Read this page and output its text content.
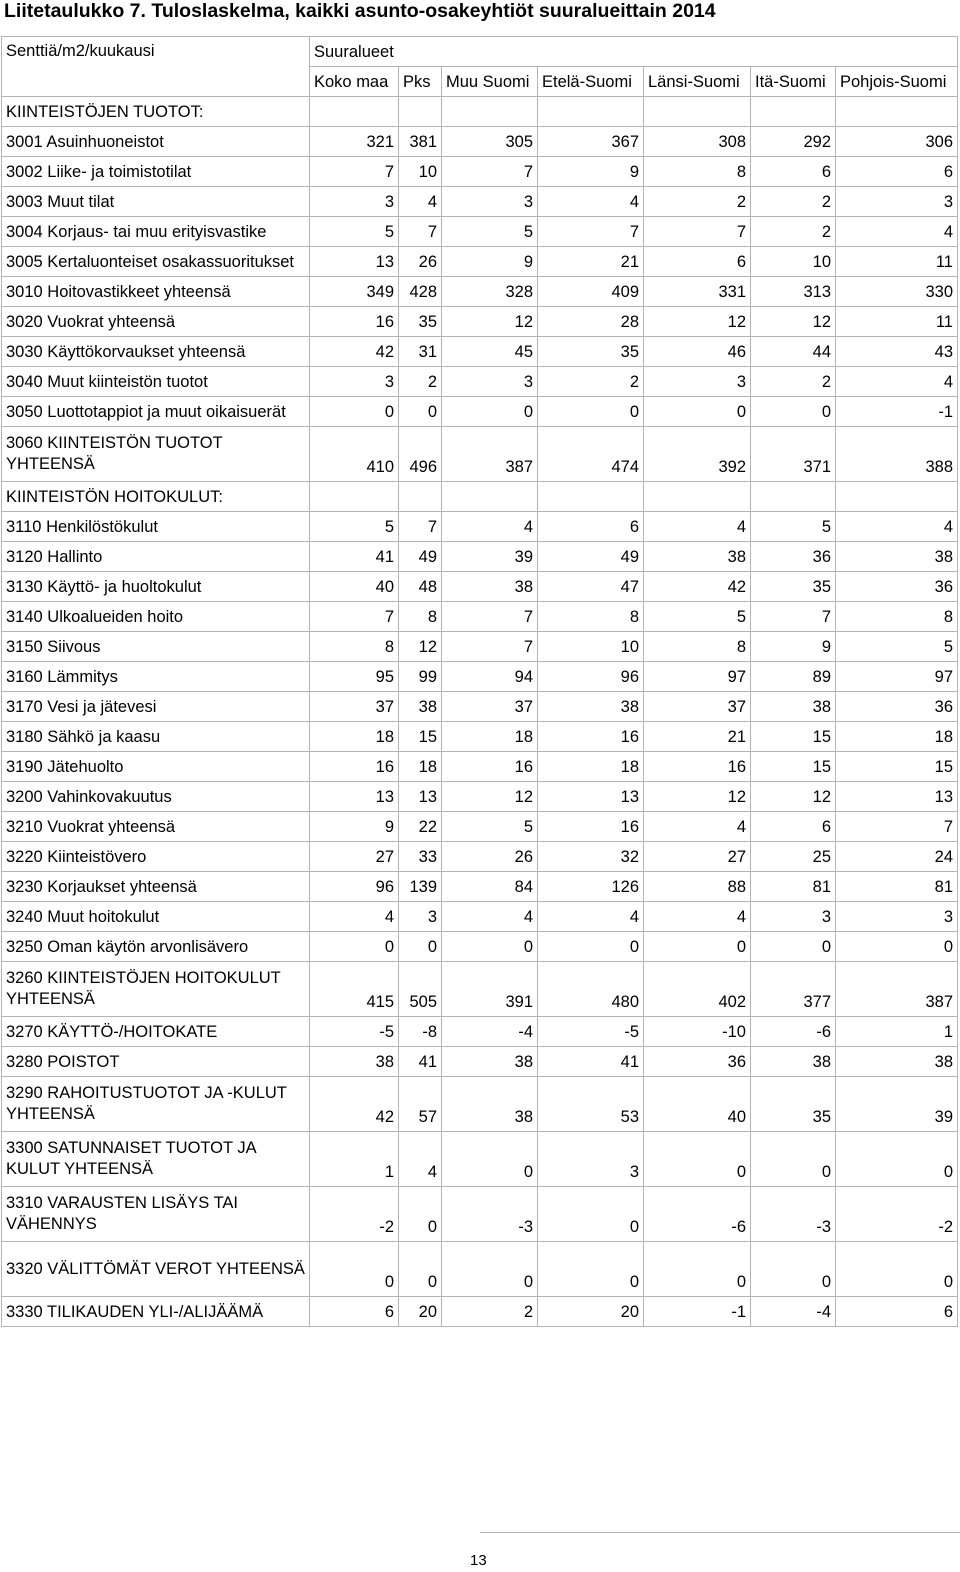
Liitetaulukko 7. Tuloslaskelma, kaikki asunto-osakeyhtiöt suuralueittain 2014
Senttiä/m2/kuukausi	Suuralueet						
	Koko maa	Pks	Muu Suomi	Etelä-Suomi	Länsi-Suomi	Itä-Suomi	Pohjois-Suomi
KIINTEISTÖJEN TUOTOT:							
3001 Asuinhuoneistot	321	381	305	367	308	292	306
3002 Liike- ja toimistotilat	7	10	7	9	8	6	6
3003 Muut tilat	3	4	3	4	2	2	3
3004 Korjaus- tai muu erityisvastike	5	7	5	7	7	2	4
3005 Kertaluonteiset osakassuoritukset	13	26	9	21	6	10	11
3010 Hoitovastikkeet yhteensä	349	428	328	409	331	313	330
3020 Vuokrat yhteensä	16	35	12	28	12	12	11
3030 Käyttökorvaukset yhteensä	42	31	45	35	46	44	43
3040 Muut kiinteistön tuotot	3	2	3	2	3	2	4
3050 Luottotappiot ja muut oikaisuerät	0	0	0	0	0	0	-1
3060 KIINTEISTÖN TUOTOT YHTEENSÄ	410	496	387	474	392	371	388
KIINTEISTÖN HOITOKULUT:							
3110 Henkilöstökulut	5	7	4	6	4	5	4
3120 Hallinto	41	49	39	49	38	36	38
3130 Käyttö- ja huoltokulut	40	48	38	47	42	35	36
3140 Ulkoalueiden hoito	7	8	7	8	5	7	8
3150 Siivous	8	12	7	10	8	9	5
3160 Lämmitys	95	99	94	96	97	89	97
3170 Vesi ja jätevesi	37	38	37	38	37	38	36
3180 Sähkö ja kaasu	18	15	18	16	21	15	18
3190 Jätehuolto	16	18	16	18	16	15	15
3200 Vahinkovakuutus	13	13	12	13	12	12	13
3210 Vuokrat yhteensä	9	22	5	16	4	6	7
3220 Kiinteistövero	27	33	26	32	27	25	24
3230 Korjaukset yhteensä	96	139	84	126	88	81	81
3240 Muut hoitokulut	4	3	4	4	4	3	3
3250 Oman käytön arvonlisävero	0	0	0	0	0	0	0
3260 KIINTEISTÖJEN HOITOKULUT YHTEENSÄ	415	505	391	480	402	377	387
3270 KÄYTTÖ-/HOITOKATE	-5	-8	-4	-5	-10	-6	1
3280 POISTOT	38	41	38	41	36	38	38
3290 RAHOITUSTUOTOT JA -KULUT YHTEENSÄ	42	57	38	53	40	35	39
3300 SATUNNAISET TUOTOT JA KULUT YHTEENSÄ	1	4	0	3	0	0	0
3310 VARAUSTEN LISÄYS TAI VÄHENNYS	-2	0	-3	0	-6	-3	-2
3320 VÄLITTÖMÄT VEROT YHTEENSÄ	0	0	0	0	0	0	0
3330 TILIKAUDEN YLI-/ALIJÄÄMÄ	6	20	2	20	-1	-4	6
13
